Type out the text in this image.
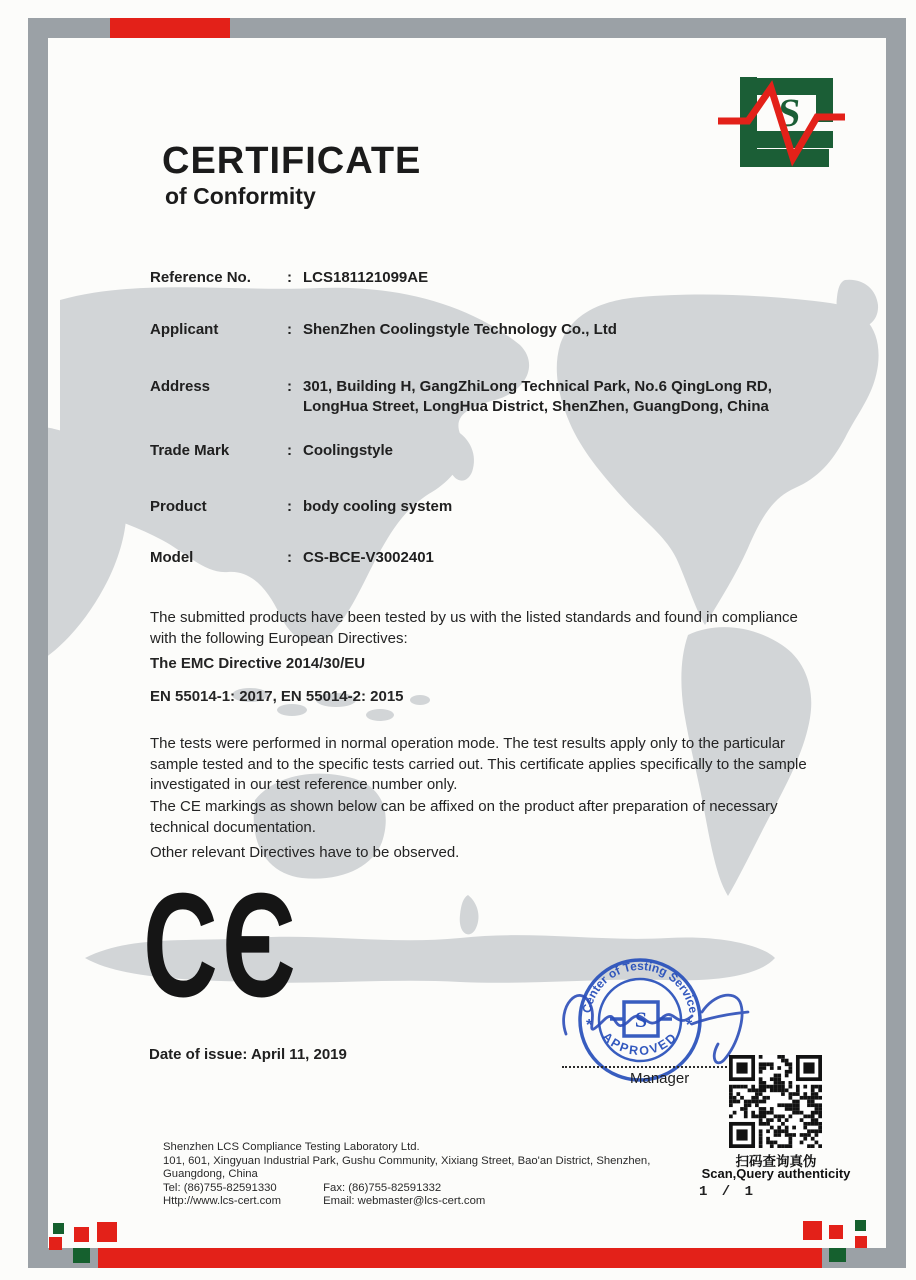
S
CERTIFICATE
of Conformity
Reference No.	: LCS181121099AE
Applicant	: ShenZhen Coolingstyle Technology Co., Ltd
Address	: 301, Building H, GangZhiLong Technical Park, No.6 QingLong RD, LongHua Street, LongHua District, ShenZhen, GuangDong, China
Trade Mark	: Coolingstyle
Product	: body cooling system
Model	: CS-BCE-V3002401
The submitted products have been tested by us with the listed standards and found in compliance with the following European Directives:
The EMC Directive 2014/30/EU
EN 55014-1: 2017, EN 55014-2: 2015
The tests were performed in normal operation mode. The test results apply only to the particular sample tested and to the specific tests carried out. This certificate applies specifically to the sample investigated in our test reference number only.
The CE markings as shown below can be affixed on the product after preparation of necessary technical documentation.
Other relevant Directives have to be observed.
CЄ
Date of issue: April 11, 2019
Center of Testing Service
APPROVED
*	*
S
Manager
扫码查询真伪
Scan,Query authenticity
1 / 1
Shenzhen LCS Compliance Testing Laboratory Ltd.
101, 601, Xingyuan Industrial Park, Gushu Community, Xixiang Street, Bao'an District, Shenzhen,
Guangdong, China
Tel: (86)755-82591330	Fax: (86)755-82591332
Http://www.lcs-cert.com	Email: webmaster@lcs-cert.com
